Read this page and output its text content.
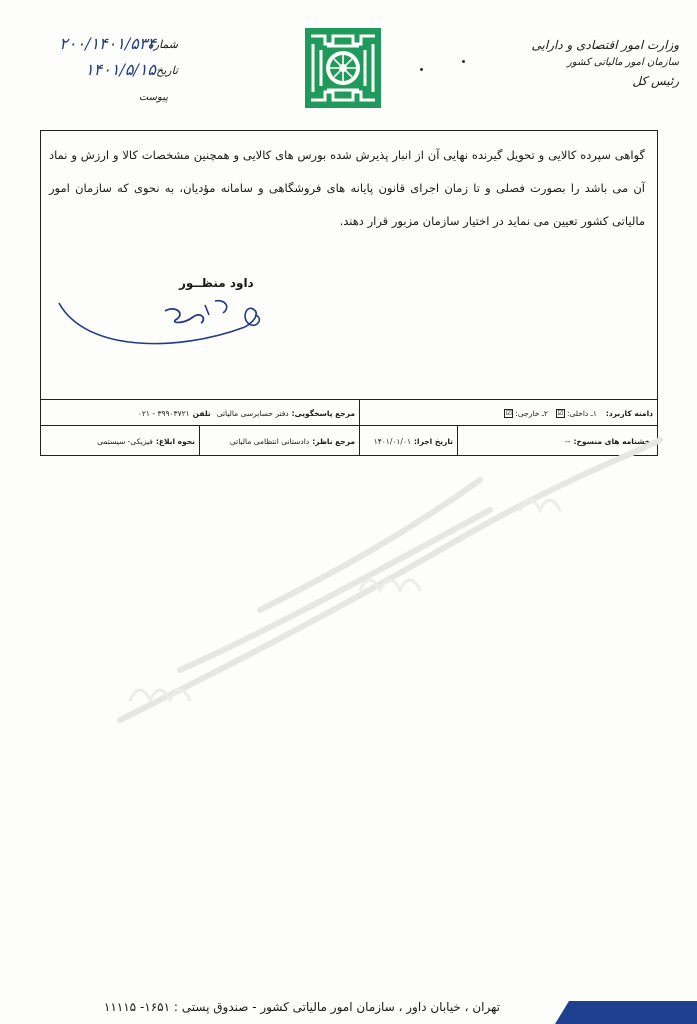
وزارت امور اقتصادی و دارایی
سازمان امور مالیاتی کشور
رئیس کل
شماره
۲۰۰/۱۴۰۱/۵۳۴
تاریخ
۱۴۰۱/۵/۱۵
پیوست
گواهی سپرده کالایی و تحویل گیرنده نهایی آن از انبار پذیرش شده بورس های کالایی و همچنین مشخصات کالا و ارزش و نماد آن می باشد را بصورت فصلی و تا زمان اجرای قانون پایانه های فروشگاهی و سامانه مؤدیان، به نحوی که سازمان امور مالیاتی کشور تعیین می نماید در اختیار سازمان مزبور قرار دهند.
داود منظــور
دامنه کاربرد:
۱ـ داخلی:
☑
۲ـ خارجی:
☑
مرجع پاسخگویی:
دفتر حسابرسی مالیاتی
تلفن
۳۹۹۰۳۷۲۱ - ۰۲۱
بخشنامه های منسوخ:
--
تاریخ اجرا:
۱۴۰۱/۰۱/۰۱
مرجع ناظر:
دادستانی انتظامی مالیاتی
نحوه ابلاغ:
فیزیکی- سیستمی
تهران ، خیابان داور ، سازمان امور مالیاتی کشور - صندوق پستی : ۱۶۵۱- ۱۱۱۱۵
